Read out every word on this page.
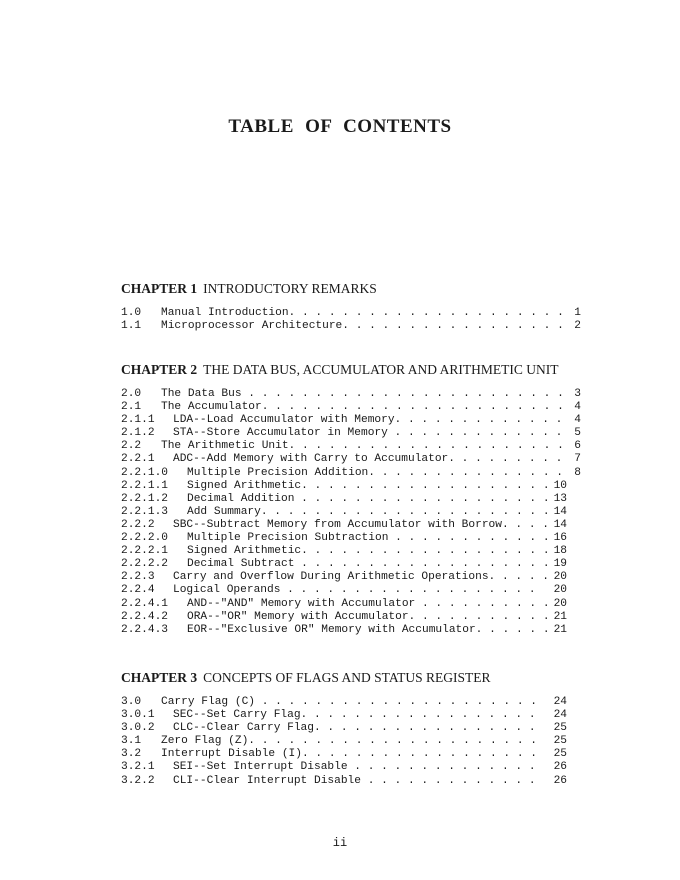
TABLE OF CONTENTS
CHAPTER 1 INTRODUCTORY REMARKS
1.0 Manual Introduction. . . . . . . . . . . . . . . . . . . . . 1
1.1 Microprocessor Architecture. . . . . . . . . . . . . . . . . 2
CHAPTER 2 THE DATA BUS, ACCUMULATOR AND ARITHMETIC UNIT
2.0 The Data Bus . . . . . . . . . . . . . . . . . . . . . . . . 3
2.1 The Accumulator. . . . . . . . . . . . . . . . . . . . . . . 4
2.1.1 LDA--Load Accumulator with Memory. . . . . . . . . . . . . 4
2.1.2 STA--Store Accumulator in Memory . . . . . . . . . . . . . 5
2.2 The Arithmetic Unit. . . . . . . . . . . . . . . . . . . . . 6
2.2.1 ADC--Add Memory with Carry to Accumulator. . . . . . . . . 7
2.2.1.0 Multiple Precision Addition. . . . . . . . . . . . . . . 8
2.2.1.1 Signed Arithmetic. . . . . . . . . . . . . . . . . . . 10
2.2.1.2 Decimal Addition . . . . . . . . . . . . . . . . . . . 13
2.2.1.3 Add Summary. . . . . . . . . . . . . . . . . . . . . . 14
2.2.2 SBC--Subtract Memory from Accumulator with Borrow. . . . 14
2.2.2.0 Multiple Precision Subtraction . . . . . . . . . . . . 16
2.2.2.1 Signed Arithmetic. . . . . . . . . . . . . . . . . . . 18
2.2.2.2 Decimal Subtract . . . . . . . . . . . . . . . . . . . 19
2.2.3 Carry and Overflow During Arithmetic Operations. . . . . 20
2.2.4 Logical Operands . . . . . . . . . . . . . . . . . . . 20
2.2.4.1 AND--"AND" Memory with Accumulator . . . . . . . . . . 20
2.2.4.2 ORA--"OR" Memory with Accumulator. . . . . . . . . . . 21
2.2.4.3 EOR--"Exclusive OR" Memory with Accumulator. . . . . . 21
CHAPTER 3 CONCEPTS OF FLAGS AND STATUS REGISTER
3.0 Carry Flag (C) . . . . . . . . . . . . . . . . . . . . . 24
3.0.1 SEC--Set Carry Flag. . . . . . . . . . . . . . . . . . 24
3.0.2 CLC--Clear Carry Flag. . . . . . . . . . . . . . . . . 25
3.1 Zero Flag (Z). . . . . . . . . . . . . . . . . . . . . . 25
3.2 Interrupt Disable (I). . . . . . . . . . . . . . . . . . 25
3.2.1 SEI--Set Interrupt Disable . . . . . . . . . . . . . . 26
3.2.2 CLI--Clear Interrupt Disable . . . . . . . . . . . . . 26
ii
